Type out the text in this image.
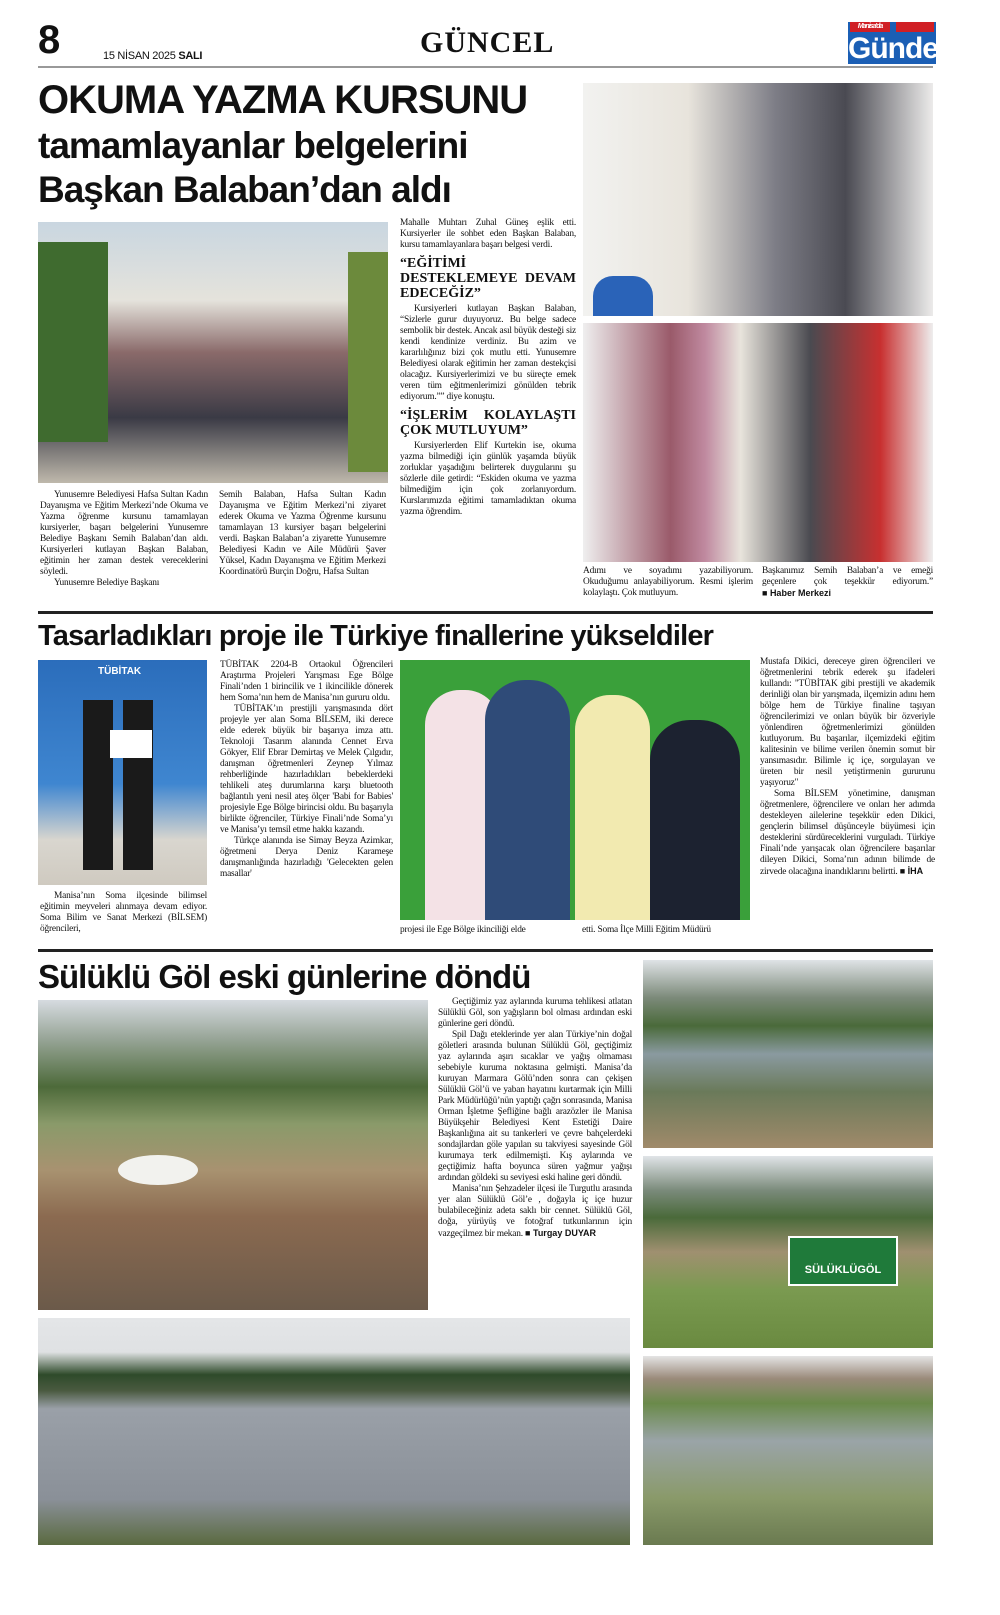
8	15 NİSAN 2025 SALI	GÜNCEL	Manisa'da
Gündem
OKUMA YAZMA KURSUNU
tamamlayanlar belgelerini
Başkan Balaban’dan aldı

Yunusemre Belediyesi Hafsa Sultan Kadın Dayanışma ve Eğitim Merkezi’nde Okuma ve Yazma öğrenme kursunu tamamlayan kursiyerler, başarı belgelerini Yunusemre Belediye Başkanı Semih Balaban’dan aldı. Kursiyerleri kutlayan Başkan Balaban, eğitimin her zaman destek vereceklerini söyledi.

Yunusemre Belediye Başkanı

Semih Balaban, Hafsa Sultan Kadın Dayanışma ve Eğitim Merkezi’ni ziyaret ederek Okuma ve Yazma Öğrenme kursunu tamamlayan 13 kursiyer başarı belgelerini verdi. Başkan Balaban’a ziyarette Yunusemre Belediyesi Kadın ve Aile Müdürü Şaver Yüksel, Kadın Dayanışma ve Eğitim Merkezi Koordinatörü Burçin Doğru, Hafsa Sultan

Mahalle Muhtarı Zuhal Güneş eşlik etti. Kursiyerler ile sohbet eden Başkan Balaban, kursu tamamlayanlara başarı belgesi verdi.

“EĞİTİMİ DESTEKLEMEYE DEVAM EDECEĞİZ”

Kursiyerleri kutlayan Başkan Balaban, “Sizlerle gurur duyuyoruz. Bu belge sadece sembolik bir destek. Ancak asıl büyük desteği siz kendi kendinize verdiniz. Bu azim ve kararlılığınız bizi çok mutlu etti. Yunusemre Belediyesi olarak eğitimin her zaman destekçisi olacağız. Kursiyerlerimizi ve bu süreçte emek veren tüm eğitmenlerimizi gönülden tebrik ediyorum.”” diye konuştu.

“İŞLERİM KOLAYLAŞTI ÇOK MUTLUYUM”

Kursiyerlerden Elif Kurtekin ise, okuma yazma bilmediği için günlük yaşamda büyük zorluklar yaşadığını belirterek duygularını şu sözlerle dile getirdi: “Eskiden okuma ve yazma bilmediğim için çok zorlanıyordum. Kurslarımızda eğitimi tamamladıktan okuma yazma öğrendim.

Adımı ve soyadımı yazabiliyorum. Okuduğumu anlayabiliyorum. Resmi işlerim kolaylaştı. Çok mutluyum.

Başkanımız Semih Balaban’a ve emeği geçenlere çok teşekkür ediyorum.” ■ Haber Merkezi

Tasarladıkları proje ile Türkiye finallerine yükseldiler
TÜBİTAK

Manisa’nın Soma ilçesinde bilimsel eğitimin meyveleri alınmaya devam ediyor. Soma Bilim ve Sanat Merkezi (BİLSEM) öğrencileri,

TÜBİTAK 2204-B Ortaokul Öğrencileri Araştırma Projeleri Yarışması Ege Bölge Finali’nden 1 birincilik ve 1 ikincilikle dönerek hem Soma’nın hem de Manisa’nın gururu oldu.

TÜBİTAK’ın prestijli yarışmasında dört projeyle yer alan Soma BİLSEM, iki derece elde ederek büyük bir başarıya imza attı. Teknoloji Tasarım alanında Cennet Erva Gökyer, Elif Ebrar Demirtaş ve Melek Çılgıdır, danışman öğretmenleri Zeynep Yılmaz rehberliğinde hazırladıkları bebeklerdeki tehlikeli ateş durumlarına karşı bluetooth bağlantılı yeni nesil ateş ölçer 'Babi for Babies' projesiyle Ege Bölge birincisi oldu. Bu başarıyla birlikte öğrenciler, Türkiye Finali’nde Soma’yı ve Manisa’yı temsil etme hakkı kazandı.

Türkçe alanında ise Simay Beyza Azimkar, öğretmeni Derya Deniz Karameşe danışmanlığında hazırladığı 'Gelecekten gelen masallar'

projesi ile Ege Bölge ikinciliği elde	etti. Soma İlçe Milli Eğitim Müdürü

Mustafa Dikici, dereceye giren öğrencileri ve öğretmenlerini tebrik ederek şu ifadeleri kullandı: "TÜBİTAK gibi prestijli ve akademik derinliği olan bir yarışmada, ilçemizin adını hem bölge hem de Türkiye finaline taşıyan öğrencilerimizi ve onları büyük bir özveriyle yönlendiren öğretmenlerimizi gönülden kutluyorum. Bu başarılar, ilçemizdeki eğitim kalitesinin ve bilime verilen önemin somut bir yansımasıdır. Bilimle iç içe, sorgulayan ve üreten bir nesil yetiştirmenin gururunu yaşıyoruz"

Soma BİLSEM yönetimine, danışman öğretmenlere, öğrencilere ve onları her adımda destekleyen ailelerine teşekkür eden Dikici, gençlerin bilimsel düşünceyle büyümesi için desteklerini sürdüreceklerini vurguladı. Türkiye Finali’nde yarışacak olan öğrencilere başarılar dileyen Dikici, Soma’nın adının bilimde de zirvede olacağına inandıklarını belirtti. ■ İHA

Sülüklü Göl eski günlerine döndü

Geçtiğimiz yaz aylarında kuruma tehlikesi atlatan Sülüklü Göl, son yağışların bol olması ardından eski günlerine geri döndü.

Spil Dağı eteklerinde yer alan Türkiye’nin doğal göletleri arasında bulunan Sülüklü Göl, geçtiğimiz yaz aylarında aşırı sıcaklar ve yağış olmaması sebebiyle kuruma noktasına gelmişti. Manisa’da kuruyan Marmara Gölü’nden sonra can çekişen Sülüklü Göl’ü ve yaban hayatını kurtarmak için Milli Park Müdürlüğü’nün yaptığı çağrı sonrasında, Manisa Orman İşletme Şefliğine bağlı arazözler ile Manisa Büyükşehir Belediyesi Kent Estetiği Daire Başkanlığına ait su tankerleri ve çevre bahçelerdeki sondajlardan göle yapılan su takviyesi sayesinde Göl kurumaya terk edilmemişti. Kış aylarında ve geçtiğimiz hafta boyunca süren yağmur yağışı ardından göldeki su seviyesi eski haline geri döndü.

Manisa’nın Şehzadeler ilçesi ile Turgutlu arasında yer alan Sülüklü Göl’e , doğayla iç içe huzur bulabileceğiniz adeta saklı bir cennet. Sülüklü Göl, doğa, yürüyüş ve fotoğraf tutkunlarının için vazgeçilmez bir mekan. ■ Turgay DUYAR

SÜLÜKLÜGÖL
